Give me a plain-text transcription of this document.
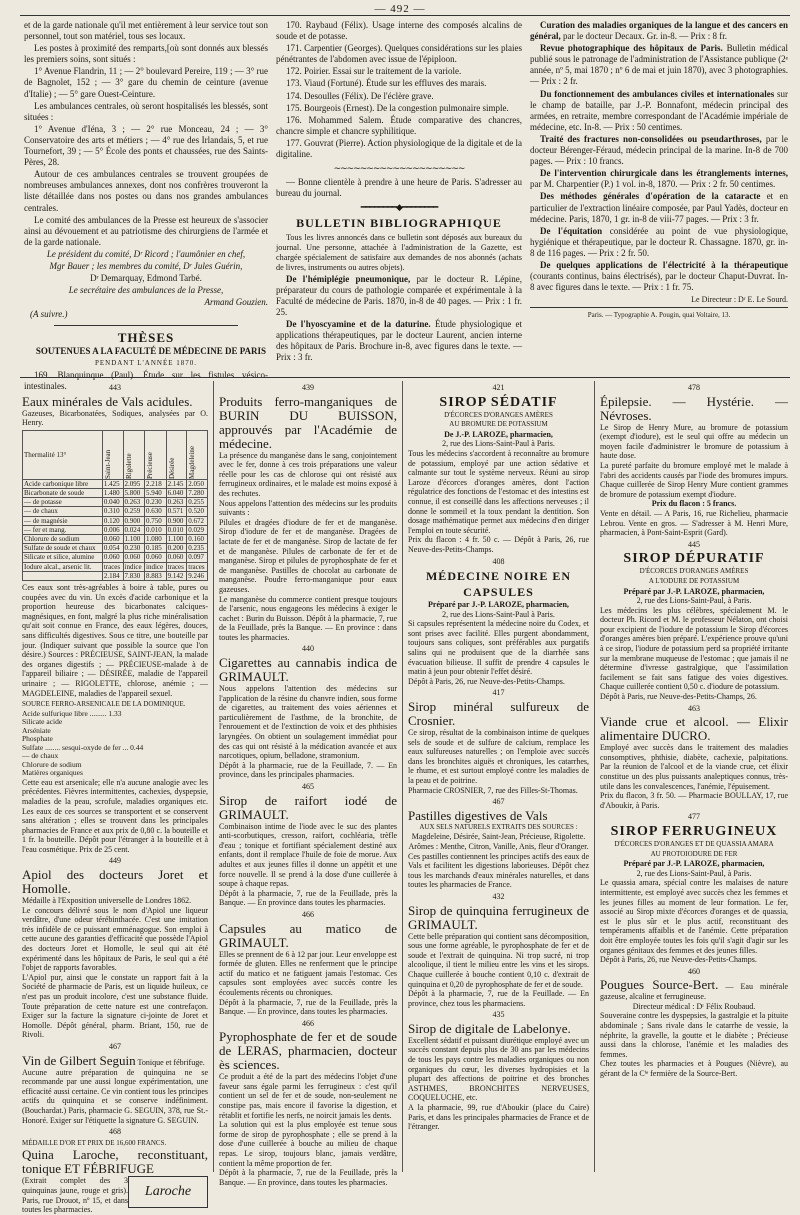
— 492 —

et de la garde nationale qu'il met entièrement à leur service tout son personnel, tout son matériel, tous ses locaux.

Les postes à proximité des remparts,[où sont donnés aux blessés les premiers soins, sont situés :

1° Avenue Flandrin, 11 ; — 2° boulevard Pereire, 119 ; — 3° rue de Bagnolet, 152 ; — 3° gare du chemin de ceinture (avenue d'Italie) ; — 5° gare Ouest-Ceinture.

Les ambulances centrales, où seront hospitalisés les blessés, sont situées :

1° Avenue d'Iéna, 3 ; — 2° rue Monceau, 24 ; — 3° Conservatoire des arts et métiers ; — 4° rue des Irlandais, 5, et rue Tournefort, 39 ; — 5° École des ponts et chaussées, rue des Saints-Pères, 28.

Autour de ces ambulances centrales se trouvent groupées de nombreuses ambulances annexes, dont nos confrères trouveront la liste détaillée dans nos postes ou dans nos grandes ambulances centrales.

Le comité des ambulances de la Presse est heureux de s'associer ainsi au dévouement et au patriotisme des chirurgiens de l'armée et de la garde nationale.

Le président du comité, Dʳ Ricord ; l'aumônier en chef,

Mgr Bauer ; les membres du comité, Dʳ Jules Guérin,

Dʳ Demarquay, Edmond Tarbé.

Le secrétaire des ambulances de la Presse,

Armand Gouzien.

(A suivre.)

THÈSES

SOUTENUES A LA FACULTÉ DE MÉDECINE DE PARIS

PENDANT L'ANNÉE 1870.

169. Blanquinque (Paul). Étude sur les fistules vésico-intestinales.

170. Raybaud (Félix). Usage interne des composés alcalins de soude et de potasse.

171. Carpentier (Georges). Quelques considérations sur les plaies pénétrantes de l'abdomen avec issue de l'épiploon.

172. Poirier. Essai sur le traitement de la variole.

173. Viaud (Fortuné). Étude sur les effluves des marais.

174. Desoulles (Félix). De l'éclère grave.

175. Bourgeois (Ernest). De la congestion pulmonaire simple.

176. Mohammed Salem. Étude comparative des chancres, chancre simple et chancre syphilitique.

177. Gouvrat (Pierre). Action physiologique de la digitale et de la digitaline.

∼∼∼∼∼∼∼∼∼∼∼∼∼∼∼∼∼∼∼∼

— Bonne clientèle à prendre à une heure de Paris. S'adresser au bureau du journal.

━━━━━━━━◆━━━━━━━━
BULLETIN BIBLIOGRAPHIQUE

Tous les livres annoncés dans ce bulletin sont déposés aux bureaux du journal. Une personne, attachée à l'administration de la Gazette, est chargée spécialement de satisfaire aux demandes de nos abonnés (achats de livres, instruments ou autres objets).

De l'hémiplégie pneumonique, par le docteur R. Lépine, préparateur du cours de pathologie comparée et expérimentale à la Faculté de médecine de Paris. 1870, in-8 de 40 pages. — Prix : 1 fr. 25.

De l'hyoscyamine et de la daturine. Étude physiologique et applications thérapeutiques, par le docteur Laurent, ancien interne des hôpitaux de Paris. Brochure in-8, avec figures dans le texte. — Prix : 3 fr.

Curation des maladies organiques de la langue et des cancers en général, par le docteur Decaux. Gr. in-8. — Prix : 8 fr.

Revue photographique des hôpitaux de Paris. Bulletin médical publié sous le patronage de l'administration de l'Assistance publique (2ᵉ année, nº 5, mai 1870 ; nº 6 de mai et juin 1870), avec 3 photographies. — Prix : 2 fr.

Du fonctionnement des ambulances civiles et internationales sur le champ de bataille, par J.-P. Bonnafont, médecin principal des armées, en retraite, membre correspondant de l'Académie impériale de médecine, etc. In-8. — Prix : 50 centimes.

Traité des fractures non-consolidées ou pseudarthroses, par le docteur Bérenger-Féraud, médecin principal de la marine. In-8 de 700 pages. — Prix : 10 francs.

De l'intervention chirurgicale dans les étranglements internes, par M. Charpentier (P.) 1 vol. in-8, 1870. — Prix : 2 fr. 50 centimes.

Des méthodes générales d'opération de la cataracte et en particulier de l'extraction linéaire composée, par Paul Yadès, docteur en médecine. Paris, 1870, 1 gr. in-8 de viii-77 pages. — Prix : 3 fr.

De l'équitation considérée au point de vue physiologique, hygiénique et thérapeutique, par le docteur R. Chassagne. 1870, gr. in-8 de 116 pages. — Prix : 2 fr. 50.

De quelques applications de l'électricité à la thérapeutique (courants continus, bains électrisés), par le docteur Chaput-Duvrat. In-8 avec figures dans le texte. — Prix : 1 fr. 75.

Le Directeur : Dʳ E. Le Sourd.

Paris. — Typographie A. Pougin, quai Voltaire, 13.

443

Eaux minérales de Vals acidules.

Gazeuses, Bicarbonatées, Sodiques, analysées par O. Henry.

Thermalité 13°	Saint-Jean	Rigolette	Précieuse	Désirée	Magdeleine

Acide carbonique libre	1.425	2.095	2.218	2.145	2.050
Bicarbonate de soude	1.480	5.800	5.940	6.040	7.280
— de potasse	0.040	0.263	0.230	0.263	0.255
— de chaux	0.310	0.259	0.630	0.571	0.520
— de magnésie	0.120	0.900	0.750	0.900	0.672
— fer et mang.	0.006	0.024	0.010	0.010	0.029
Chlorure de sodium	0.060	1.100	1.080	1.100	0.160
Sulfate de soude et chaux	0.054	0.230	0.185	0.200	0.235
Silicate et silice, alumine	0.060	0.060	0.060	0.060	0.097
Iodure alcal., arsenic lit.	traces	indice	indice	traces	traces
	2.184	7.830	8.883	9.142	9.246

Ces eaux sont très-agréables à boire à table, pures ou coupées avec du vin. Un excès d'acide carbonique et la proportion heureuse des bicarbonates calciques-magnésiques, en font, malgré la plus riche minéralisation qu'ait soit connue en France, des eaux légères, douces, sans difficultés digestives. Sous ce titre, une bouteille par jour. (Indiquer suivant que possible la source que l'on désire.) Sources : PRÉCIEUSE, SAINT-JEAN, la malade des organes digestifs ; — PRÉCIEUSE-malade à de l'appareil biliaire ; — DÉSIRÉE, maladie de l'appareil urinaire ; — RIGOLETTE, chlorose, anémie ; — MAGDELEINE, maladies de l'appareil sexuel.

SOURCE FERRO-ARSENICALE DE LA DOMINIQUE.

Acide sulfurique libre ......... 1.33
Silicate acide
Arséniate
Phosphate
Sulfate ........ sesqui-oxyde de fer ... 0.44
— de chaux
Chlorure de sodium
Matières organiques

Cette eau est arsenicale; elle n'a aucune analogie avec les précédentes. Fièvres intermittentes, cachexies, dyspepsie, maladies de la peau, scrofule, maladies organiques etc. Les eaux de ces sources se transportent et se conservent sans altération ; elles se trouvent dans les principales pharmacies de France et aux prix de 0,80 c. la bouteille et 1 fr. la bouteille. Dépôt pour l'étranger à la bouteille et à l'eau cosmétique. Prix de 25 cent.

449

Apiol des docteurs Joret et Homolle.

Médaille à l'Exposition universelle de Londres 1862.

Le concours délivré sous le nom d'Apiol une liqueur verdâtre, d'une odeur térébinthacée. C'est une imitation très infidèle de ce puissant emménagogue. Son emploi à cette aucune des garanties d'efficacité que possède l'Apiol des docteurs Joret et Homolle, le seul qui ait été expérimenté dans les hôpitaux de Paris, le seul qui a été l'objet de rapports favorables.

L'Apiol pur, ainsi que le constate un rapport fait à la Société de pharmacie de Paris, est un liquide huileux, ce n'est pas un produit incolore, c'est une substance fluide. Toute préparation de cette nature est une contrefaçon. Exiger sur la facture la signature ci-jointe de Joret et Homolle. Dépôt général, pharm. Briant, 150, rue de Rivoli.

467

Vin de Gilbert Seguin Tonique et fébrifuge.

Aucune autre préparation de quinquina ne se recommande par une aussi longue expérimentation, une efficacité aussi certaine. Ce vin contient tous les principes actifs du quinquina et se conserve indéfiniment. (Bouchardat.) Paris, pharmacie G. SEGUIN, 378, rue St.-Honoré. Exiger sur l'étiquette la signature G. SEGUIN.

468

MÉDAILLE D'OR ET PRIX DE 16,600 FRANCS.

Quina Laroche, reconstituant, tonique ET FÉBRIFUGE

Laroche

(Extrait complet des 3 quinquinas jaune, rouge et gris). Paris, rue Drouot, nº 15, et dans toutes les pharmacies.

439

Produits ferro-manganiques de BURIN DU BUISSON, approuvés par l'Académie de médecine.

La présence du manganèse dans le sang, conjointement avec le fer, donne à ces trois préparations une valeur réelle pour les cas de chlorose qui ont résisté aux ferrugineux ordinaires, et le malade est moins exposé à des rechutes.

Nous appelons l'attention des médecins sur les produits suivants :

Pilules et dragées d'iodure de fer et de manganèse. Sirop d'iodure de fer et de manganèse. Dragées de lactate de fer et de manganèse. Sirop de lactate de fer et de manganèse. Pilules de carbonate de fer et de manganèse. Sirop et pilules de pyrophosphate de fer et de manganèse. Pastilles de chocolat au carbonate de manganèse. Poudre ferro-manganique pour eaux gazeuses.

Le manganèse du commerce contient presque toujours de l'arsenic, nous engageons les médecins à exiger le cachet : Burin du Buisson. Dépôt à la pharmacie, 7, rue de la Feuillade, près la Banque. — En province : dans toutes les pharmacies.

440

Cigarettes au cannabis indica de GRIMAULT.

Nous appelons l'attention des médecins sur l'application de la résine du chanvre indien, sous forme de cigarettes, au traitement des voies aériennes et particulièrement de l'asthme, de la bronchite, de l'enrouement et de l'extinction de voix et des phthisies laryngées. On obtient un soulagement immédiat pour des cas qui ont résisté à la médication avancée et aux narcotiques, opium, belladone, stramonium.

Dépôt à la pharmacie, rue de la Feuillade, 7. — En province, dans les principales pharmacies.

465

Sirop de raifort iodé de GRIMAULT.

Combinaison intime de l'iode avec le suc des plantes anti-scorbutiques, cresson, raifort, cochléaria, trèfle d'eau ; tonique et fortifiant spécialement destiné aux enfants, dont il remplace l'huile de foie de morue. Aux adultes et aux jeunes filles il donne un appétit et une force nouvelle. Il se prend à la dose d'une cuillerée à soupe à chaque repas.

Dépôt à la pharmacie, 7, rue de la Feuillade, près la Banque. — En province dans toutes les pharmacies.

466

Capsules au matico de GRIMAULT.

Elles se prennent de 6 à 12 par jour. Leur enveloppe est formée de gluten. Elles ne renferment que le principe actif du matico et ne fatiguent jamais l'estomac. Ces capsules sont employées avec succès contre les écoulements récents ou chroniques.

Dépôt à la pharmacie, 7, rue de la Feuillade, près la Banque. — En province, dans toutes les pharmacies.

466

Pyrophosphate de fer et de soude de LERAS, pharmacien, docteur ès sciences.

Ce produit a été de la part des médecins l'objet d'une faveur sans égale parmi les ferrugineux : c'est qu'il contient un sel de fer et de soude, non-seulement ne constipe pas, mais encore il favorise la digestion, et rétablit et fortifie les nerfs, ne noircit jamais les dents.

La solution qui est la plus employée est tenue sous forme de sirop de pyrophosphate ; elle se prend à la dose d'une cuillerée à bouche au milieu de chaque repas. Le sirop, toujours blanc, jamais verdâtre, contient la même proportion de fer.

Dépôt à la pharmacie, 7, rue de la Feuillade, près la Banque. — En province, dans toutes les pharmacies.

421

SIROP SÉDATIF

D'ÉCORCES D'ORANGES AMÈRES

AU BROMURE DE POTASSIUM

De J.-P. LAROZE, pharmacien,

2, rue des Lions-Saint-Paul à Paris.

Tous les médecins s'accordent à reconnaître au bromure de potassium, employé par une action sédative et calmante sur tout le système nerveux. Réuni au sirop Laroze d'écorces d'oranges amères, dont l'action régulatrice des fonctions de l'estomac et des intestins est connue, il est conseillé dans les affections nerveuses ; il donne le sommeil et la toux pendant la dentition. Son dosage mathématique permet aux médecins d'en diriger l'emploi en toute sécurité.

Prix du flacon : 4 fr. 50 c. — Dépôt à Paris, 26, rue Neuve-des-Petits-Champs.

408

MÉDECINE NOIRE EN CAPSULES

Préparé par J.-P. LAROZE, pharmacien,

2, rue des Lions-Saint-Paul à Paris.

Si capsules représentent la médecine noire du Codex, et sont prises avec facilité. Elles purgent abondamment, toujours sans coliques, sont préférables aux purgatifs salins qui ne produisent que de la diarrhée sans évacuation bilieuse. Il suffit de prendre 4 capsules le matin à jeun pour obtenir l'effet désiré.

Dépôt à Paris, 26, rue Neuve-des-Petits-Champs.

417

Sirop minéral sulfureux de Crosnier.

Ce sirop, résultat de la combinaison intime de quelques sels de soude et de sulfure de calcium, remplace les eaux sulfureuses naturelles ; on l'emploie avec succès dans les bronchites aiguës et chroniques, les catarrhes, le rhume, et est surtout employé contre les maladies de la peau et de poitrine.

Pharmacie CROSNIER, 7, rue des Filles-St-Thomas.

467

Pastilles digestives de Vals

AUX SELS NATURELS EXTRAITS DES SOURCES :

Magdeleine, Désirée, Saint-Jean, Précieuse, Rigolette.

Arômes : Menthe, Citron, Vanille, Anis, fleur d'Oranger.

Ces pastilles contiennent les principes actifs des eaux de Vals et facilitent les digestions laborieuses. Dépôt chez tous les marchands d'eaux minérales naturelles, et dans toutes les pharmacies de France.

432

Sirop de quinquina ferrugineux de GRIMAULT.

Cette belle préparation qui contient sans décomposition, sous une forme agréable, le pyrophosphate de fer et de soude et l'extrait de quinquina. Ni trop sucré, ni trop alcoolique, il tient le milieu entre les vins et les sirops. Chaque cuillerée à bouche contient 0,10 c. d'extrait de quinquina et 0,20 de pyrophosphate de fer et de soude.

Dépôt à la pharmacie, 7, rue de la Feuillade. — En province, chez tous les pharmaciens.

435

Sirop de digitale de Labelonye.

Excellent sédatif et puissant diurétique employé avec un succès constant depuis plus de 30 ans par les médecins de tous les pays contre les maladies organiques ou non organiques du cœur, les diverses hydropisies et la plupart des affections de poitrine et des bronches ASTHMES, BRONCHITES NERVEUSES, COQUELUCHE, etc.

A la pharmacie, 99, rue d'Aboukir (place du Caire) Paris, et dans les principales pharmacies de France et de l'étranger.

478

Épilepsie. — Hystérie. — Névroses.

Le Sirop de Henry Mure, au bromure de potassium (exempt d'iodure), est le seul qui offre au médecin un moyen facile d'administrer le bromure de potassium à haute dose.

La pureté parfaite du bromure employé met le malade à l'abri des accidents causés par l'iode des bromures impurs. Chaque cuillerée de Sirop Henry Mure contient grammes de bromure de potassium exempt d'iodure.

Prix du flacon : 5 francs.

Vente en détail. — A Paris, 16, rue Richelieu, pharmacie Lebrou. Vente en gros. — S'adresser à M. Henri Mure, pharmacien, à Pont-Saint-Esprit (Gard).

445

SIROP DÉPURATIF

D'ÉCORCES D'ORANGES AMÈRES

A L'IODURE DE POTASSIUM

Préparé par J.-P. LAROZE, pharmacien,

2, rue des Lions-Saint-Paul, à Paris.

Les médecins les plus célèbres, spécialement M. le docteur Ph. Ricord et M. le professeur Nélaton, ont choisi pour excipient de l'iodure de potassium le Sirop d'écorces d'oranges amères bien préparé. L'expérience prouve qu'uni à ce sirop, l'iodure de potassium perd sa propriété irritante sur la membrane muqueuse de l'estomac ; que jamais il ne détermine d'ivresse gastralgique, que l'assimilation facilement se fait sans fatigue des voies digestives. Chaque cuillerée contient 0,50 c. d'iodure de potassium.

Dépôt à Paris, rue Neuve-des-Petits-Champs, 26.

463

Viande crue et alcool. — Elixir alimentaire DUCRO.

Employé avec succès dans le traitement des maladies consomptives, phthisie, diabète, cachexie, palpitations. Par la réunion de l'alcool et de la viande crue, cet élixir constitue un des plus puissants analeptiques connus, très-utile dans les convalescences, l'anémie, l'épuisement.

Prix du flacon, 3 fr. 50. — Pharmacie BOULLAY, 17, rue d'Aboukir, à Paris.

477

SIROP FERRUGINEUX

D'ÉCORCES D'ORANGES ET DE QUASSIA AMARA

AU PROTOIODURE DE FER

Préparé par J.-P. LAROZE, pharmacien,

2, rue des Lions-Saint-Paul, à Paris.

Le quassia amara, spécial contre les malaises de nature intermittente, est employé avec succès chez les femmes et les jeunes filles au moment de leur formation. Le fer, associé au Sirop mixte d'écorces d'oranges et de quassia, est le plus sûr et le plus actif, reconstituant des tempéraments affaiblis et de l'anémie. Cette préparation doit être employée toutes les fois qu'il s'agit d'agir sur les organes génitaux des femmes et des jeunes filles.

Dépôt à Paris, 26, rue Neuve-des-Petits-Champs.

460

Pougues Source-Bert. — Eau minérale gazeuse, alcaline et ferrugineuse.

Directeur médical : Dʳ Félix Roubaud.

Souveraine contre les dyspepsies, la gastralgie et la pituite abdominale ; Sans rivale dans le catarrhe de vessie, la néphrite, la gravelle, la goutte et le diabète ; Précieuse aussi dans la chlorose, l'anémie et les maladies des femmes.

Chez toutes les pharmacies et à Pougues (Nièvre), au gérant de la Cⁱᵉ fermière de la Source-Bert.
